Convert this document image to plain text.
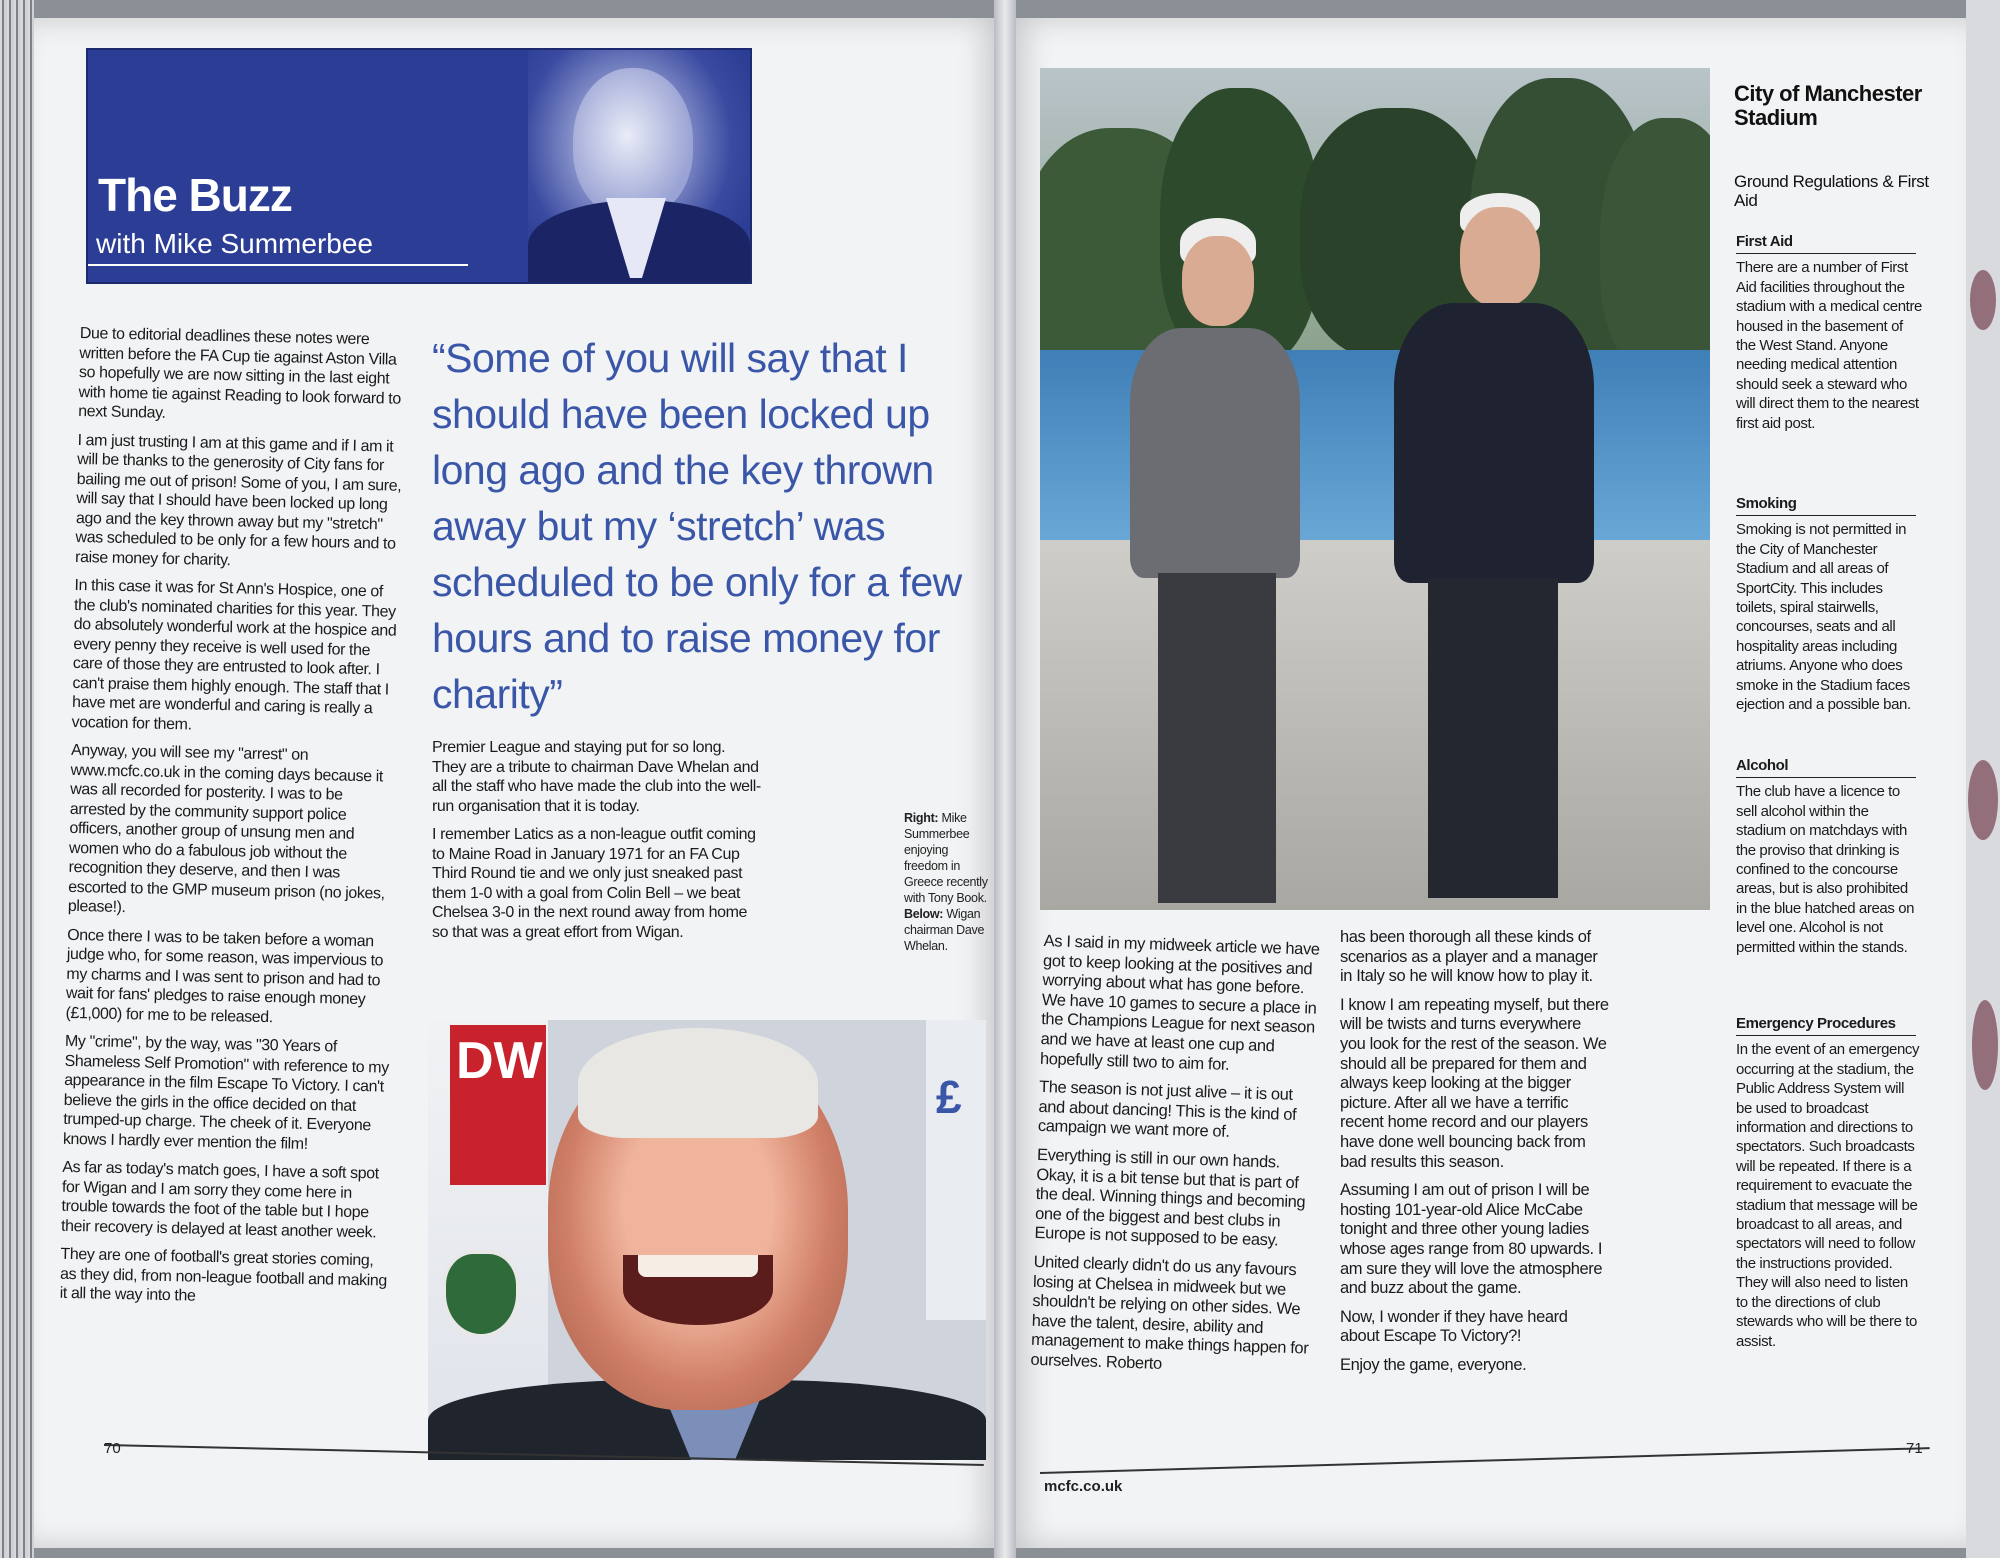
The Buzz
with Mike Summerbee

Due to editorial deadlines these notes were written before the FA Cup tie against Aston Villa so hopefully we are now sitting in the last eight with home tie against Reading to look forward to next Sunday.

I am just trusting I am at this game and if I am it will be thanks to the generosity of City fans for bailing me out of prison! Some of you, I am sure, will say that I should have been locked up long ago and the key thrown away but my "stretch" was scheduled to be only for a few hours and to raise money for charity.

In this case it was for St Ann's Hospice, one of the club's nominated charities for this year. They do absolutely wonderful work at the hospice and every penny they receive is well used for the care of those they are entrusted to look after. I can't praise them highly enough. The staff that I have met are wonderful and caring is really a vocation for them.

Anyway, you will see my "arrest" on www.mcfc.co.uk in the coming days because it was all recorded for posterity. I was to be arrested by the community support police officers, another group of unsung men and women who do a fabulous job without the recognition they deserve, and then I was escorted to the GMP museum prison (no jokes, please!).

Once there I was to be taken before a woman judge who, for some reason, was impervious to my charms and I was sent to prison and had to wait for fans' pledges to raise enough money (£1,000) for me to be released.

My "crime", by the way, was "30 Years of Shameless Self Promotion" with reference to my appearance in the film Escape To Victory. I can't believe the girls in the office decided on that trumped-up charge. The cheek of it. Everyone knows I hardly ever mention the film!

As far as today's match goes, I have a soft spot for Wigan and I am sorry they come here in trouble towards the foot of the table but I hope their recovery is delayed at least another week.

They are one of football's great stories coming, as they did, from non-league football and making it all the way into the

“Some of you will say that I should have been locked up long ago and the key thrown away but my ‘stretch’ was scheduled to be only for a few hours and to raise money for charity”

Premier League and staying put for so long. They are a tribute to chairman Dave Whelan and all the staff who have made the club into the well-run organisation that it is today.

I remember Latics as a non-league outfit coming to Maine Road in January 1971 for an FA Cup Third Round tie and we only just sneaked past them 1-0 with a goal from Colin Bell – we beat Chelsea 3-0 in the next round away from home so that was a great effort from Wigan.

Right: Mike Summerbee enjoying freedom in Greece recently with Tony Book.
Below: Wigan chairman Dave Whelan.
DW
£
70
City of Manchester Stadium
Ground Regulations & First Aid
First Aid

There are a number of First Aid facilities throughout the stadium with a medical centre housed in the basement of the West Stand. Anyone needing medical attention should seek a steward who will direct them to the nearest first aid post.

Smoking

Smoking is not permitted in the City of Manchester Stadium and all areas of SportCity. This includes toilets, spiral stairwells, concourses, seats and all hospitality areas including atriums. Anyone who does smoke in the Stadium faces ejection and a possible ban.

Alcohol

The club have a licence to sell alcohol within the stadium on matchdays with the proviso that drinking is confined to the concourse areas, but is also prohibited in the blue hatched areas on level one. Alcohol is not permitted within the stands.

Emergency Procedures

In the event of an emergency occurring at the stadium, the Public Address System will be used to broadcast information and directions to spectators. Such broadcasts will be repeated. If there is a requirement to evacuate the stadium that message will be broadcast to all areas, and spectators will need to follow the instructions provided. They will also need to listen to the directions of club stewards who will be there to assist.

As I said in my midweek article we have got to keep looking at the positives and worrying about what has gone before. We have 10 games to secure a place in the Champions League for next season and we have at least one cup and hopefully still two to aim for.

The season is not just alive – it is out and about dancing! This is the kind of campaign we want more of.

Everything is still in our own hands. Okay, it is a bit tense but that is part of the deal. Winning things and becoming one of the biggest and best clubs in Europe is not supposed to be easy.

United clearly didn't do us any favours losing at Chelsea in midweek but we shouldn't be relying on other sides. We have the talent, desire, ability and management to make things happen for ourselves. Roberto

has been thorough all these kinds of scenarios as a player and a manager in Italy so he will know how to play it.

I know I am repeating myself, but there will be twists and turns everywhere you look for the rest of the season. We should all be prepared for them and always keep looking at the bigger picture. After all we have a terrific recent home record and our players have done well bouncing back from bad results this season.

Assuming I am out of prison I will be hosting 101-year-old Alice McCabe tonight and three other young ladies whose ages range from 80 upwards. I am sure they will love the atmosphere and buzz about the game.

Now, I wonder if they have heard about Escape To Victory?!

Enjoy the game, everyone.

mcfc.co.uk
71
